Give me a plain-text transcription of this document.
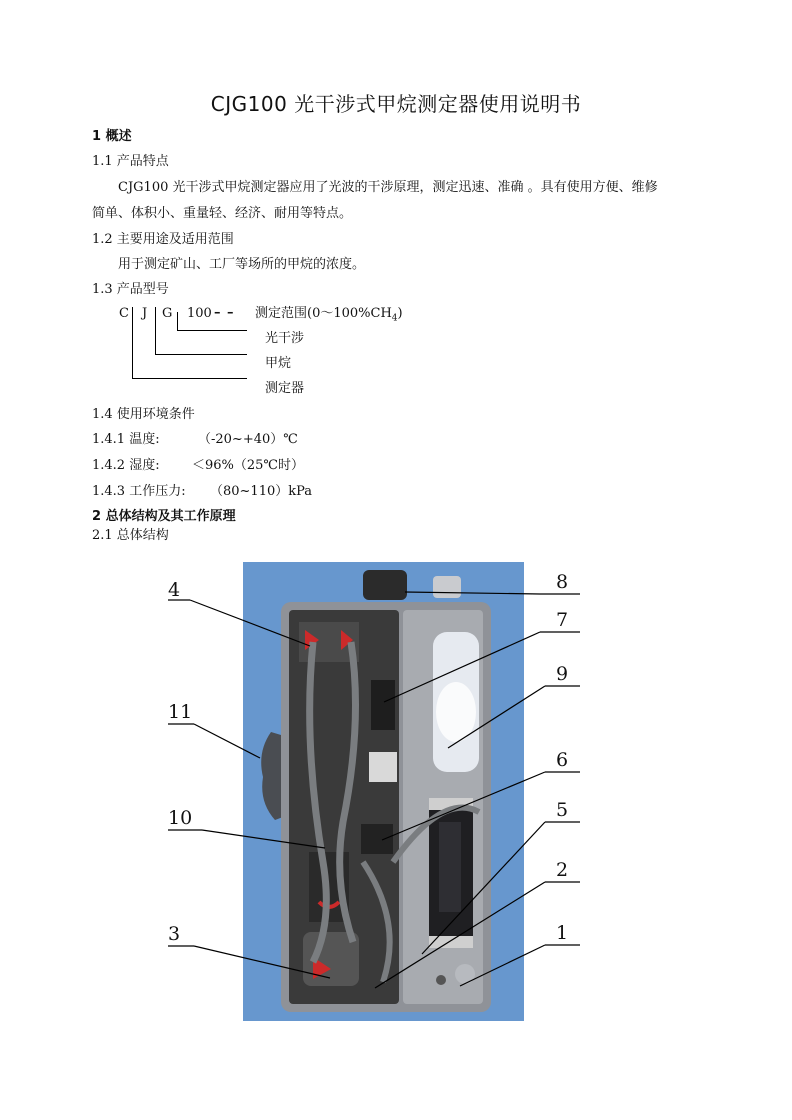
CJG100 光干涉式甲烷测定器使用说明书
1 概述
1.1 产品特点
CJG100 光干涉式甲烷测定器应用了光波的干涉原理，测定迅速、准确 。具有使用方便、维修
简单、体积小、重量轻、经济、耐用等特点。
1.2 主要用途及适用范围
用于测定矿山、工厂等场所的甲烷的浓度。
1.3 产品型号
C J G 100 – – 测定范围$(0\sim 100\%CH_4)$
光干涉
甲烷
测定器
1.4 使用环境条件
1.4.1 温度:	（-20~+40）℃
1.4.2 湿度: ＜96%（25℃时）
1.4.3 工作压力: （80~110）kPa
2 总体结构及其工作原理
2.1 总体结构
4
11
10
3
8
7
9
6
5
2
1
